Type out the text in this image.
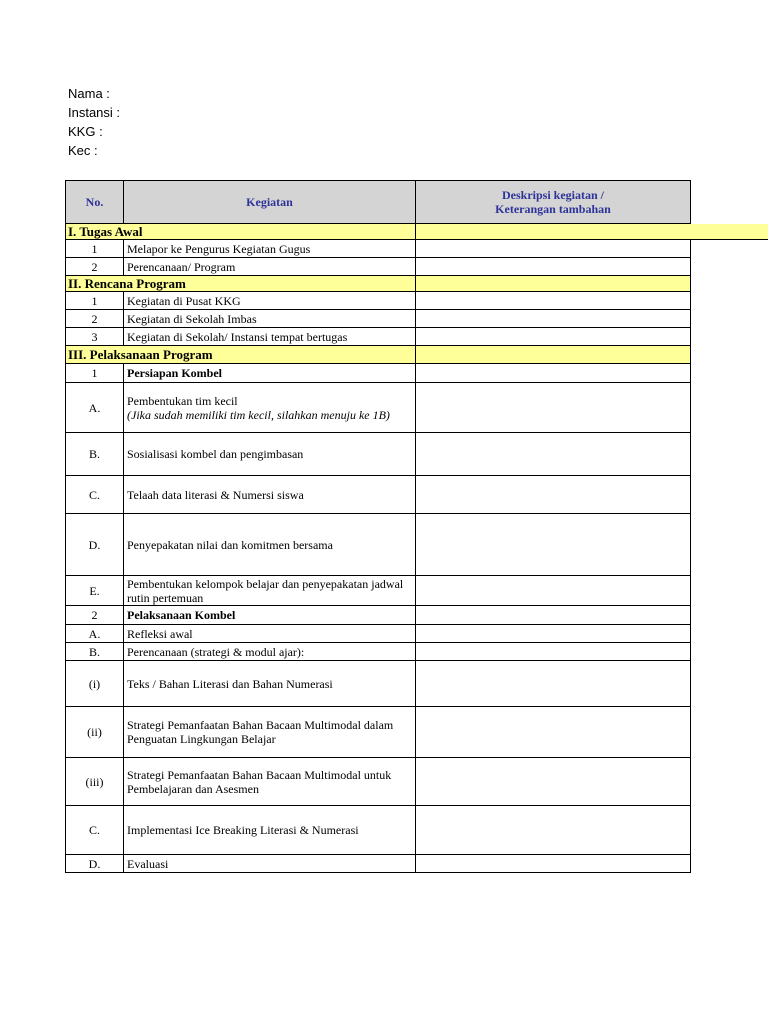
Nama :
Instansi :
KKG :
Kec :
No.	Kegiatan	Deskripsi kegiatan /
Keterangan tambahan
I. Tugas Awal
1	Melapor ke Pengurus Kegiatan Gugus
2	Perencanaan/ Program
II. Rencana Program
1	Kegiatan di Pusat KKG
2	Kegiatan di Sekolah Imbas
3	Kegiatan di Sekolah/ Instansi tempat bertugas
III. Pelaksanaan Program
1	Persiapan Kombel
A.	Pembentukan tim kecil
(Jika sudah memiliki tim kecil, silahkan menuju ke 1B)
B.	Sosialisasi kombel dan pengimbasan
C.	Telaah data literasi & Numersi siswa
D.	Penyepakatan nilai dan komitmen bersama
E.	Pembentukan kelompok belajar dan penyepakatan jadwal rutin pertemuan
2	Pelaksanaan Kombel
A.	Refleksi awal
B.	Perencanaan (strategi & modul ajar):
(i)	Teks / Bahan Literasi dan Bahan Numerasi
(ii)	Strategi Pemanfaatan Bahan Bacaan Multimodal dalam Penguatan Lingkungan Belajar
(iii)	Strategi Pemanfaatan Bahan Bacaan Multimodal untuk Pembelajaran dan Asesmen
C.	Implementasi Ice Breaking Literasi & Numerasi
D.	Evaluasi
